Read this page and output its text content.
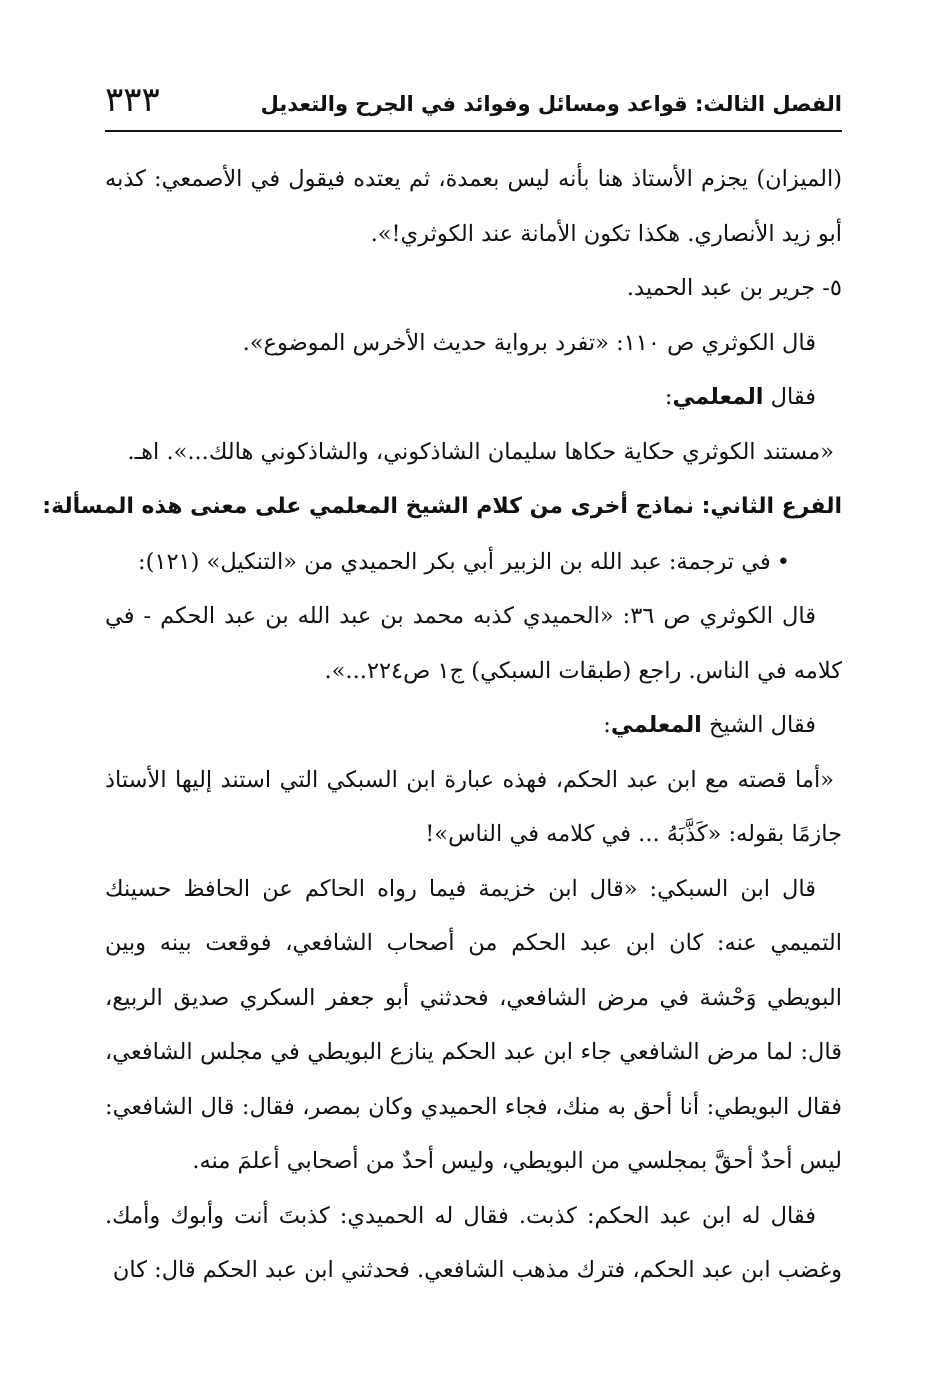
الفصل الثالث: قواعد ومسائل وفوائد في الجرح والتعديل
٣٣٣

(الميزان) يجزم الأستاذ هنا بأنه ليس بعمدة، ثم يعتده فيقول في الأصمعي: كذبه أبو زيد الأنصاري. هكذا تكون الأمانة عند الكوثري!».

٥- جرير بن عبد الحميد.

قال الكوثري ص ١١٠: «تفرد برواية حديث الأخرس الموضوع».

فقال المعلمي:

«مستند الكوثري حكاية حكاها سليمان الشاذكوني، والشاذكوني هالك...». اهـ.

الفرع الثاني: نماذج أخرى من كلام الشيخ المعلمي على معنى هذه المسألة:

•في ترجمة: عبد الله بن الزبير أبي بكر الحميدي من «التنكيل» (١٢١):

قال الكوثري ص ٣٦: «الحميدي كذبه محمد بن عبد الله بن عبد الحكم - في كلامه في الناس. راجع (طبقات السبكي) ج١ ص٢٢٤...».

فقال الشيخ المعلمي:

«أما قصته مع ابن عبد الحكم، فهذه عبارة ابن السبكي التي استند إليها الأستاذ جازمًا بقوله: «كَذَّبَهُ ... في كلامه في الناس»!

قال ابن السبكي: «قال ابن خزيمة فيما رواه الحاكم عن الحافظ حسينك التميمي عنه: كان ابن عبد الحكم من أصحاب الشافعي، فوقعت بينه وبين البويطي وَحْشة في مرض الشافعي، فحدثني أبو جعفر السكري صديق الربيع، قال: لما مرض الشافعي جاء ابن عبد الحكم ينازع البويطي في مجلس الشافعي، فقال البويطي: أنا أحق به منك، فجاء الحميدي وكان بمصر، فقال: قال الشافعي: ليس أحدٌ أحقَّ بمجلسي من البويطي، وليس أحدٌ من أصحابي أعلمَ منه.

فقال له ابن عبد الحكم: كذبت. فقال له الحميدي: كذبتَ أنت وأبوك وأمك. وغضب ابن عبد الحكم، فترك مذهب الشافعي. فحدثني ابن عبد الحكم قال: كان
